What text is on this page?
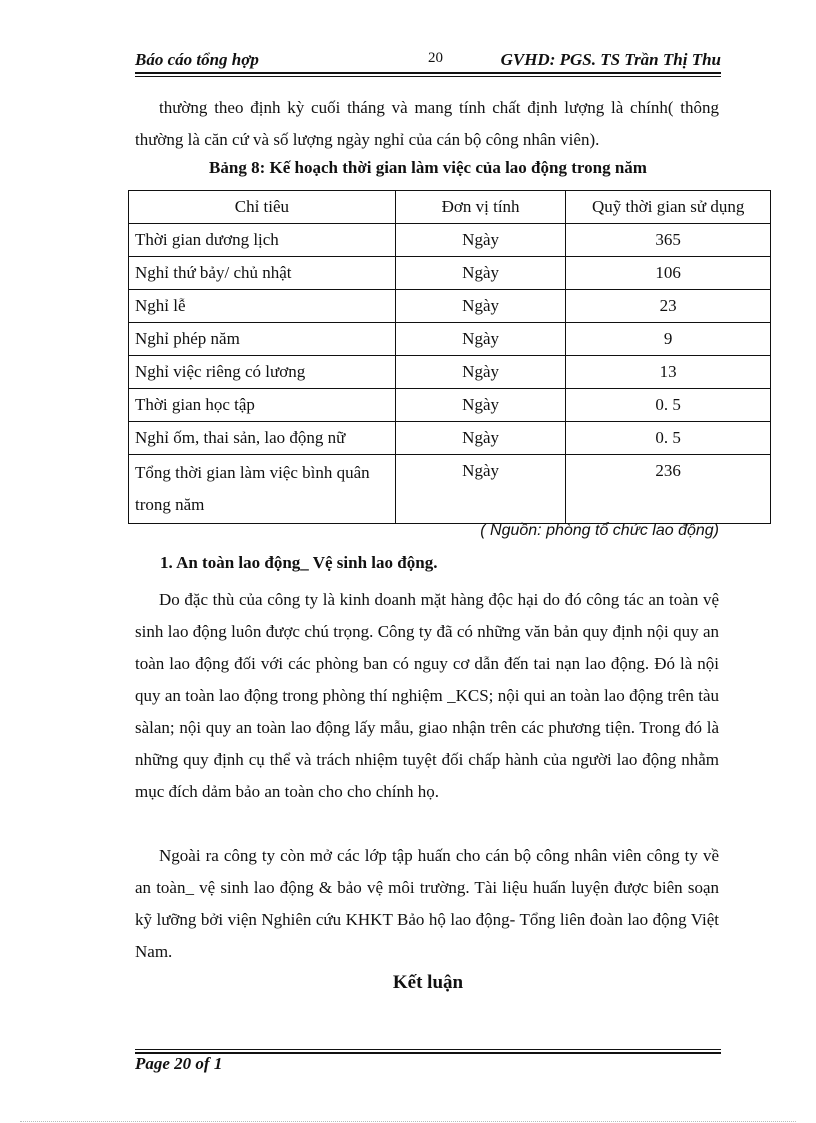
Báo cáo tổng hợp	20	GVHD: PGS. TS Trần Thị Thu
thường theo định kỳ cuối tháng và mang tính chất định lượng là chính( thông thường là căn cứ và số lượng ngày nghỉ của cán bộ công nhân viên).
Bảng 8: Kế hoạch thời gian làm việc của lao động trong năm
Chỉ tiêu	Đơn vị tính	Quỹ thời gian sử dụng
Thời gian dương lịch	Ngày	365
Nghỉ thứ bảy/ chủ nhật	Ngày	106
Nghỉ lễ	Ngày	23
Nghỉ phép năm	Ngày	9
Nghỉ việc riêng có lương	Ngày	13
Thời gian học tập	Ngày	0. 5
Nghỉ ốm, thai sản, lao động nữ	Ngày	0. 5
Tổng thời gian làm việc bình quân trong năm	Ngày	236
( Nguồn: phòng tổ chức lao động)
1. An toàn lao động_ Vệ sinh lao động.
Do đặc thù của công ty là kinh doanh mặt hàng độc hại do đó công tác an toàn vệ sinh lao động luôn được chú trọng. Công ty đã có những văn bản quy định nội quy an toàn lao động đối với các phòng ban có nguy cơ dẫn đến tai nạn lao động. Đó là nội quy an toàn lao động trong phòng thí nghiệm _KCS; nội qui an toàn lao động trên tàu sàlan; nội quy an toàn lao động lấy mẫu, giao nhận trên các phương tiện. Trong đó là những quy định cụ thể và trách nhiệm tuyệt đối chấp hành của người lao động nhằm mục đích dảm bảo an toàn cho cho chính họ.
Ngoài ra công ty còn mở các lớp tập huấn cho cán bộ công nhân viên công ty về an toàn_ vệ sinh lao động & bảo vệ môi trường. Tài liệu huấn luyện được biên soạn kỹ lưỡng bởi viện Nghiên cứu KHKT Bảo hộ lao động- Tổng liên đoàn lao động Việt Nam.
Kết luận
Page 20 of 1
